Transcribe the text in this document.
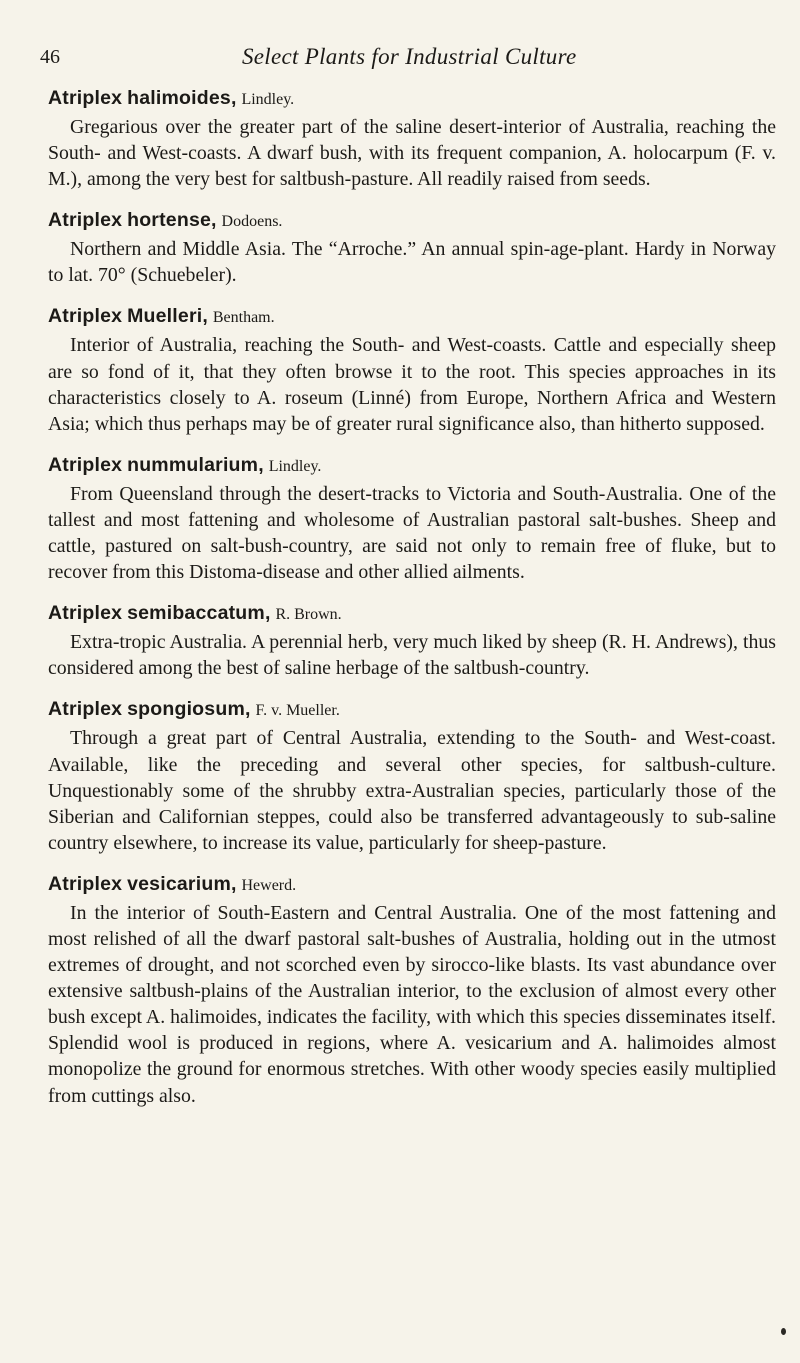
46	Select Plants for Industrial Culture

Atriplex halimoides, Lindley.

Gregarious over the greater part of the saline desert-interior of Australia, reaching the South- and West-coasts. A dwarf bush, with its frequent companion, A. holocarpum (F. v. M.), among the very best for saltbush-pasture. All readily raised from seeds.

Atriplex hortense, Dodoens.

Northern and Middle Asia. The “Arroche.” An annual spin-age-plant. Hardy in Norway to lat. 70° (Schuebeler).

Atriplex Muelleri, Bentham.

Interior of Australia, reaching the South- and West-coasts. Cattle and especially sheep are so fond of it, that they often browse it to the root. This species approaches in its characteristics closely to A. roseum (Linné) from Europe, Northern Africa and Western Asia; which thus perhaps may be of greater rural significance also, than hitherto supposed.

Atriplex nummularium, Lindley.

From Queensland through the desert-tracks to Victoria and South-Australia. One of the tallest and most fattening and wholesome of Australian pastoral salt-bushes. Sheep and cattle, pastured on salt-bush-country, are said not only to remain free of fluke, but to recover from this Distoma-disease and other allied ailments.

Atriplex semibaccatum, R. Brown.

Extra-tropic Australia. A perennial herb, very much liked by sheep (R. H. Andrews), thus considered among the best of saline herbage of the saltbush-country.

Atriplex spongiosum, F. v. Mueller.

Through a great part of Central Australia, extending to the South- and West-coast. Available, like the preceding and several other species, for saltbush-culture. Unquestionably some of the shrubby extra-Australian species, particularly those of the Siberian and Californian steppes, could also be transferred advantageously to sub-saline country elsewhere, to increase its value, particularly for sheep-pasture.

Atriplex vesicarium, Hewerd.

In the interior of South-Eastern and Central Australia. One of the most fattening and most relished of all the dwarf pastoral salt-bushes of Australia, holding out in the utmost extremes of drought, and not scorched even by sirocco-like blasts. Its vast abundance over extensive saltbush-plains of the Australian interior, to the exclusion of almost every other bush except A. halimoides, indicates the facility, with which this species disseminates itself. Splendid wool is produced in regions, where A. vesicarium and A. halimoides almost monopolize the ground for enormous stretches. With other woody species easily multiplied from cuttings also.
